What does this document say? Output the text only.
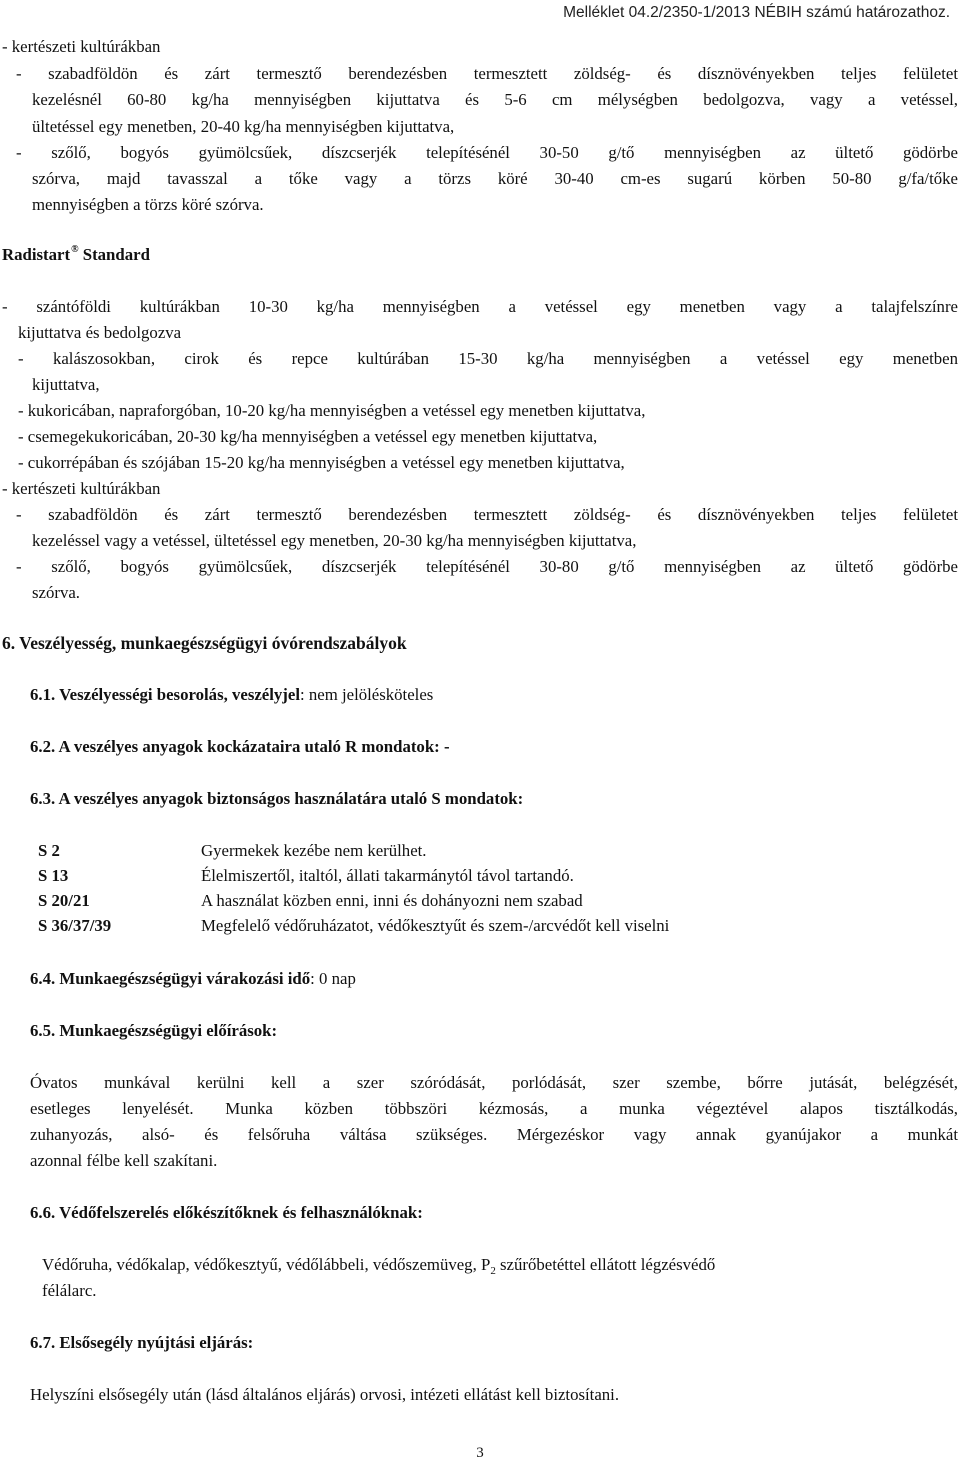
Melléklet 04.2/2350-1/2013 NÉBIH számú határozathoz.
- kertészeti kultúrákban
- szabadföldön és zárt termesztő berendezésben termesztett zöldség- és dísznövényekben teljes felületet
kezelésnél 60-80 kg/ha mennyiségben kijuttatva és 5-6 cm mélységben bedolgozva, vagy a vetéssel,
ültetéssel egy menetben, 20-40 kg/ha mennyiségben kijuttatva,
- szőlő, bogyós gyümölcsűek, díszcserjék telepítésénél 30-50 g/tő mennyiségben az ültető gödörbe
szórva, majd tavasszal a tőke vagy a törzs köré 30-40 cm-es sugarú körben 50-80 g/fa/tőke
mennyiségben a törzs köré szórva.
Radistart® Standard
- szántóföldi kultúrákban 10-30 kg/ha mennyiségben a vetéssel egy menetben vagy a talajfelszínre
kijuttatva és bedolgozva
- kalászosokban, cirok és repce kultúrában 15-30 kg/ha mennyiségben a vetéssel egy menetben
kijuttatva,
- kukoricában, napraforgóban, 10-20 kg/ha mennyiségben a vetéssel egy menetben kijuttatva,
- csemegekukoricában, 20-30 kg/ha mennyiségben a vetéssel egy menetben kijuttatva,
- cukorrépában és szójában 15-20 kg/ha mennyiségben a vetéssel egy menetben kijuttatva,
- kertészeti kultúrákban
- szabadföldön és zárt termesztő berendezésben termesztett zöldség- és dísznövényekben teljes felületet
kezeléssel vagy a vetéssel, ültetéssel egy menetben, 20-30 kg/ha mennyiségben kijuttatva,
- szőlő, bogyós gyümölcsűek, díszcserjék telepítésénél 30-80 g/tő mennyiségben az ültető gödörbe
szórva.
6. Veszélyesség, munkaegészségügyi óvórendszabályok
6.1. Veszélyességi besorolás, veszélyjel: nem jelölésköteles
6.2. A veszélyes anyagok kockázataira utaló R mondatok: -
6.3. A veszélyes anyagok biztonságos használatára utaló S mondatok:
S 2	Gyermekek kezébe nem kerülhet.
S 13	Élelmiszertől, italtól, állati takarmánytól távol tartandó.
S 20/21	A használat közben enni, inni és dohányozni nem szabad
S 36/37/39	Megfelelő védőruházatot, védőkesztyűt és szem-/arcvédőt kell viselni
6.4. Munkaegészségügyi várakozási idő: 0 nap
6.5. Munkaegészségügyi előírások:
Óvatos munkával kerülni kell a szer szóródását, porlódását, szer szembe, bőrre jutását, belégzését,
esetleges lenyelését. Munka közben többszöri kézmosás, a munka végeztével alapos tisztálkodás,
zuhanyozás, alsó- és felsőruha váltása szükséges. Mérgezéskor vagy annak gyanújakor a munkát
azonnal félbe kell szakítani.
6.6. Védőfelszerelés előkészítőknek és felhasználóknak:
Védőruha, védőkalap, védőkesztyű, védőlábbeli, védőszemüveg, $P_2$ szűrőbetéttel ellátott légzésvédő
félálarc.
6.7. Elsősegély nyújtási eljárás:
Helyszíni elsősegély után (lásd általános eljárás) orvosi, intézeti ellátást kell biztosítani.
3
